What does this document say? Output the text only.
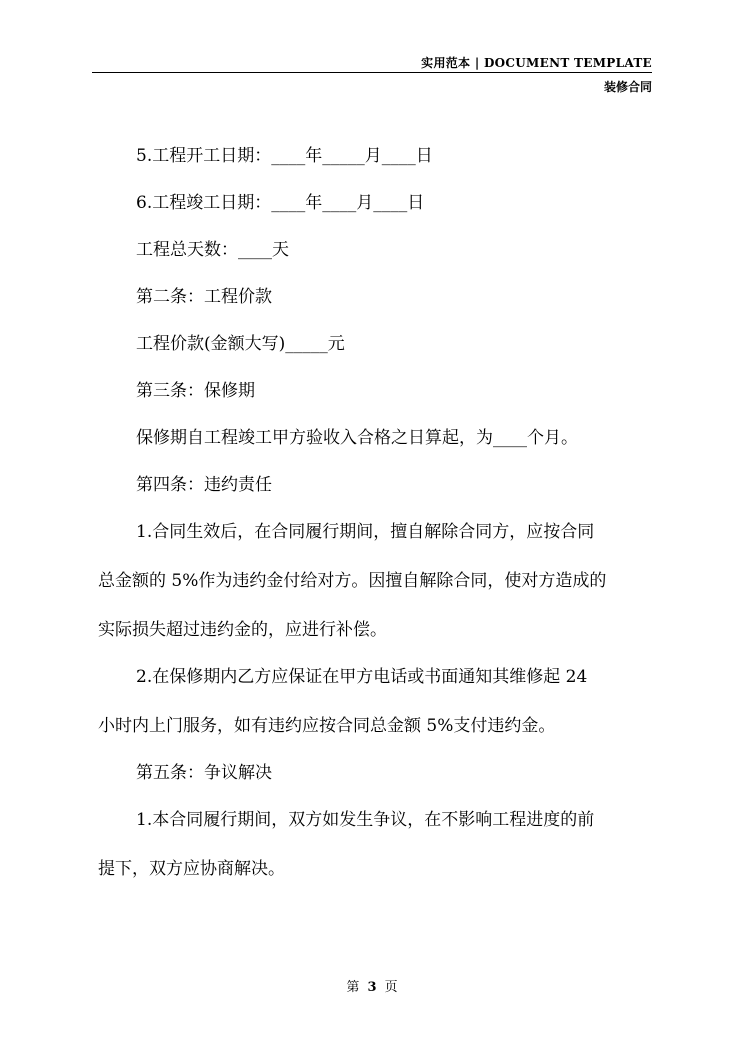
实用范本 | DOCUMENT TEMPLATE
装修合同

5.工程开工日期：____年_____月____日

6.工程竣工日期：____年____月____日

工程总天数：____天

第二条：工程价款

工程价款(金额大写)_____元

第三条：保修期

保修期自工程竣工甲方验收入合格之日算起，为____个月。

第四条：违约责任

1.合同生效后，在合同履行期间，擅自解除合同方，应按合同

总金额的 5%作为违约金付给对方。因擅自解除合同，使对方造成的

实际损失超过违约金的，应进行补偿。

2.在保修期内乙方应保证在甲方电话或书面通知其维修起 24

小时内上门服务，如有违约应按合同总金额 5%支付违约金。

第五条：争议解决

1.本合同履行期间，双方如发生争议，在不影响工程进度的前

提下，双方应协商解决。

第 3 页
